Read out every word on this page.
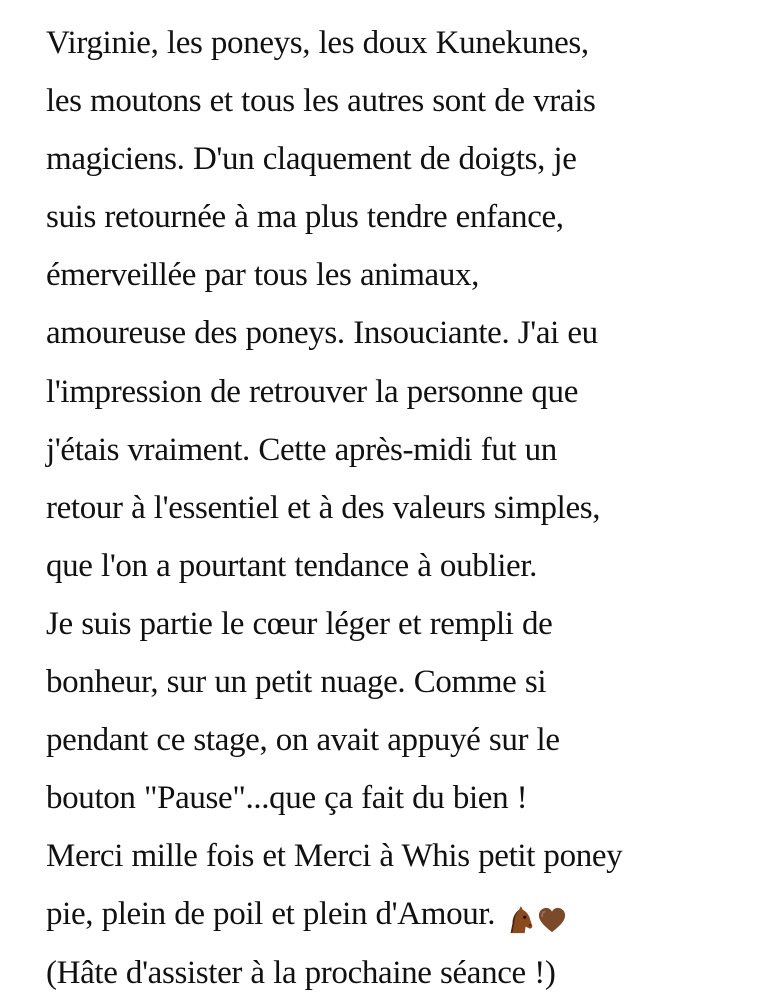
Virginie, les poneys, les doux Kunekunes,
les moutons et tous les autres sont de vrais
magiciens. D'un claquement de doigts, je
suis retournée à ma plus tendre enfance,
émerveillée par tous les animaux,
amoureuse des poneys. Insouciante. J'ai eu
l'impression de retrouver la personne que
j'étais vraiment. Cette après-midi fut un
retour à l'essentiel et à des valeurs simples,
que l'on a pourtant tendance à oublier.
Je suis partie le cœur léger et rempli de
bonheur, sur un petit nuage. Comme si
pendant ce stage, on avait appuyé sur le
bouton "Pause"...que ça fait du bien !
Merci mille fois et Merci à Whis petit poney
pie, plein de poil et plein d'Amour.
(Hâte d'assister à la prochaine séance !)
